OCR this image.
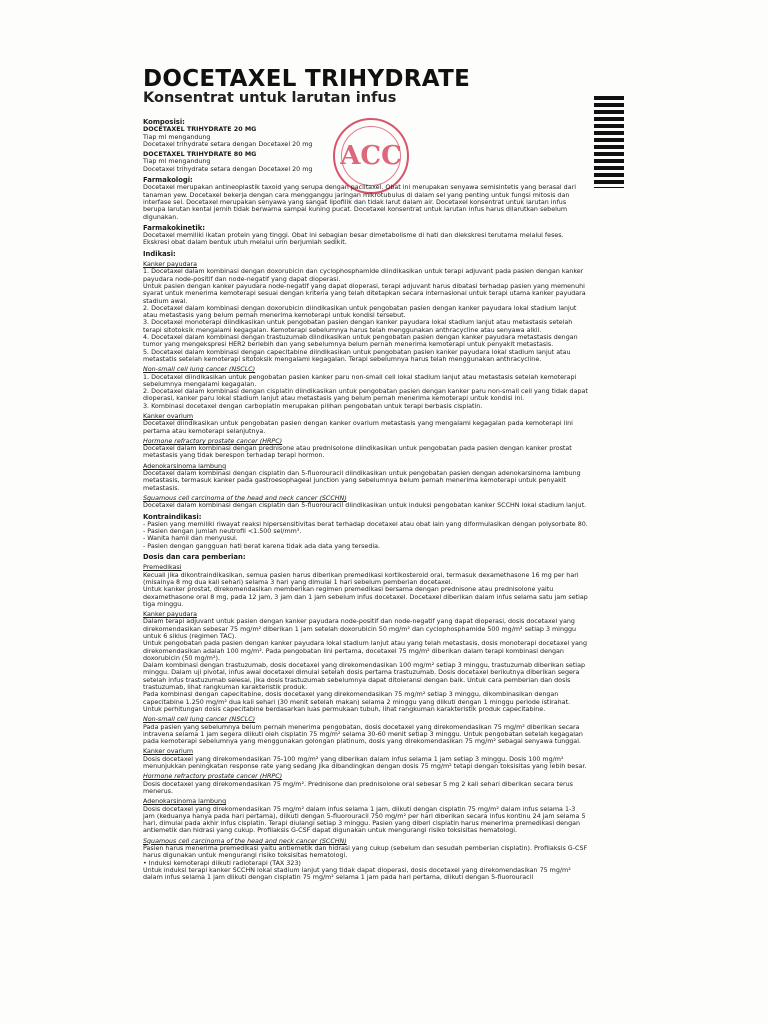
DOCETAXEL TRIHYDRATE
Konsentrat untuk larutan infus
ACC

Komposisi:

DOCETAXEL TRIHYDRATE 20 MG

Tiap ml mengandung

Docetaxel trihydrate setara dengan Docetaxel 20 mg

DOCETAXEL TRIHYDRATE 80 MG

Tiap ml mengandung

Docetaxel trihydrate setara dengan Docetaxel 20 mg

Farmakologi:

Docetaxel merupakan antineoplastik taxoid yang serupa dengan paclitaxel. Obat ini merupakan senyawa semisintetis yang berasal dari tanaman yew. Docetaxel bekerja dengan cara mengganggu jaringan mikrotubulus di dalam sel yang penting untuk fungsi mitosis dan interfase sel. Docetaxel merupakan senyawa yang sangat lipofilik dan tidak larut dalam air. Docetaxel konsentrat untuk larutan infus berupa larutan kental jernih tidak berwarna sampai kuning pucat. Docetaxel konsentrat untuk larutan infus harus dilarutkan sebelum digunakan.

Farmakokinetik:

Docetaxel memiliki ikatan protein yang tinggi. Obat ini sebagian besar dimetabolisme di hati dan diekskresi terutama melalui feses. Ekskresi obat dalam bentuk utuh melalui urin berjumlah sedikit.

Indikasi:

Kanker payudara

1. Docetaxel dalam kombinasi dengan doxorubicin dan cyclophosphamide diindikasikan untuk terapi adjuvant pada pasien dengan kanker payudara node-positif dan node-negatif yang dapat dioperasi.

Untuk pasien dengan kanker payudara node-negatif yang dapat dioperasi, terapi adjuvant harus dibatasi terhadap pasien yang memenuhi syarat untuk menerima kemoterapi sesuai dengan kriteria yang telah ditetapkan secara internasional untuk terapi utama kanker payudara stadium awal.

2. Docetaxel dalam kombinasi dengan doxorubicin diindikasikan untuk pengobatan pasien dengan kanker payudara lokal stadium lanjut atau metastasis yang belum pernah menerima kemoterapi untuk kondisi tersebut.

3. Docetaxel monoterapi diindikasikan untuk pengobatan pasien dengan kanker payudara lokal stadium lanjut atau metastasis setelah terapi sitotoksik mengalami kegagalan. Kemoterapi sebelumnya harus telah menggunakan anthracycline atau senyawa alkil.

4. Docetaxel dalam kombinasi dengan trastuzumab diindikasikan untuk pengobatan pasien dengan kanker payudara metastasis dengan tumor yang mengekspresi HER2 berlebih dan yang sebelumnya belum pernah menerima kemoterapi untuk penyakit metastasis.

5. Docetaxel dalam kombinasi dengan capecitabine diindikasikan untuk pengobatan pasien kanker payudara lokal stadium lanjut atau metastatis setelah kemoterapi sitotoksik mengalami kegagalan. Terapi sebelumnya harus telah menggunakan anthracycline.

Non-small cell lung cancer (NSCLC)

1. Docetaxel diindikasikan untuk pengobatan pasien kanker paru non-small cell lokal stadium lanjut atau metastasis setelah kemoterapi sebelumnya mengalami kegagalan.

2. Docetaxel dalam kombinasi dengan cisplatin diindikasikan untuk pengobatan pasien dengan kanker paru non-small cell yang tidak dapat dioperasi, kanker paru lokal stadium lanjut atau metastasis yang belum pernah menerima kemoterapi untuk kondisi ini.

3. Kombinasi docetaxel dengan carboplatin merupakan pilihan pengobatan untuk terapi berbasis cisplatin.

Kanker ovarium

Docetaxel diindikasikan untuk pengobatan pasien dengan kanker ovarium metastasis yang mengalami kegagalan pada kemoterapi lini pertama atau kemoterapi selanjutnya.

Hormone refractory prostate cancer (HRPC)

Docetaxel dalam kombinasi dengan prednisone atau prednisolone diindikasikan untuk pengobatan pada pasien dengan kanker prostat metastasis yang tidak berespon terhadap terapi hormon.

Adenokarsinoma lambung

Docetaxel dalam kombinasi dengan cisplatin dan 5-fluorouracil diindikasikan untuk pengobatan pasien dengan adenokarsinoma lambung metastasis, termasuk kanker pada gastroesophageal junction yang sebelumnya belum pernah menerima kemoterapi untuk penyakit metastasis.

Squamous cell carcinoma of the head and neck cancer (SCCHN)

Docetaxel dalam kombinasi dengan cisplatin dan 5-fluorouracil diindikasikan untuk induksi pengobatan kanker SCCHN lokal stadium lanjut.

Kontraindikasi:

- Pasien yang memiliki riwayat reaksi hipersensitivitas berat terhadap docetaxel atau obat lain yang diformulasikan dengan polysorbate 80.

- Pasien dengan jumlah neutrofil <1.500 sel/mm³.

- Wanita hamil dan menyusui.

- Pasien dengan gangguan hati berat karena tidak ada data yang tersedia.

Dosis dan cara pemberian:

Premedikasi

Kecuali jika dikontraindikasikan, semua pasien harus diberikan premedikasi kortikosteroid oral, termasuk dexamethasone 16 mg per hari (misalnya 8 mg dua kali sehari) selama 3 hari yang dimulai 1 hari sebelum pemberian docetaxel.

Untuk kanker prostat, direkomendasikan memberikan regimen premedikasi bersama dengan prednisone atau prednisolone yaitu dexamethasone oral 8 mg, pada 12 jam, 3 jam dan 1 jam sebelum infus docetaxel. Docetaxel diberikan dalam infus selama satu jam setiap tiga minggu.

Kanker payudara

Dalam terapi adjuvant untuk pasien dengan kanker payudara node-positif dan node-negatif yang dapat dioperasi, dosis docetaxel yang direkomendasikan sebesar 75 mg/m² diberikan 1 jam setelah doxorubicin 50 mg/m² dan cyclophosphamide 500 mg/m² setiap 3 minggu untuk 6 siklus (regimen TAC).

Untuk pengobatan pada pasien dengan kanker payudara lokal stadium lanjut atau yang telah metastasis, dosis monoterapi docetaxel yang direkomendasikan adalah 100 mg/m². Pada pengobatan lini pertama, docetaxel 75 mg/m² diberikan dalam terapi kombinasi dengan doxorubicin (50 mg/m²).

Dalam kombinasi dengan trastuzumab, dosis docetaxel yang direkomendasikan 100 mg/m² setiap 3 minggu, trastuzumab diberikan setiap minggu. Dalam uji pivotal, infus awal docetaxel dimulai setelah dosis pertama trastuzumab. Dosis docetaxel berikutnya diberikan segera setelah infus trastuzumab selesai, jika dosis trastuzumab sebelumnya dapat ditoleransi dengan baik. Untuk cara pemberian dan dosis trastuzumab, lihat rangkuman karakteristik produk.

Pada kombinasi dengan capecitabine, dosis docetaxel yang direkomendasikan 75 mg/m² setiap 3 minggu, dikombinasikan dengan capecitabine 1.250 mg/m² dua kali sehari (30 menit setelah makan) selama 2 minggu yang diikuti dengan 1 minggu periode istirahat. Untuk perhitungan dosis capecitabine berdasarkan luas permukaan tubuh, lihat rangkuman karakteristik produk capecitabine.

Non-small cell lung cancer (NSCLC)

Pada pasien yang sebelumnya belum pernah menerima pengobatan, dosis docetaxel yang direkomendasikan 75 mg/m² diberikan secara intravena selama 1 jam segera diikuti oleh cisplatin 75 mg/m² selama 30-60 menit setiap 3 minggu. Untuk pengobatan setelah kegagalan pada kemoterapi sebelumnya yang menggunakan golongan platinum, dosis yang direkomendasikan 75 mg/m² sebagai senyawa tunggal.

Kanker ovarium

Dosis docetaxel yang direkomendasikan 75-100 mg/m² yang diberikan dalam infus selama 1 jam setiap 3 minggu. Dosis 100 mg/m² menunjukkan peningkatan response rate yang sedang jika dibandingkan dengan dosis 75 mg/m² tetapi dengan toksisitas yang lebih besar.

Hormone refractory prostate cancer (HRPC)

Dosis docetaxel yang direkomendasikan 75 mg/m². Prednisone dan prednisolone oral sebesar 5 mg 2 kali sehari diberikan secara terus menerus.

Adenokarsinoma lambung

Dosis docetaxel yang direkomendasikan 75 mg/m² dalam infus selama 1 jam, diikuti dengan cisplatin 75 mg/m² dalam infus selama 1-3 jam (keduanya hanya pada hari pertama), diikuti dengan 5-fluorouracil 750 mg/m² per hari diberikan secara infus kontinu 24 jam selama 5 hari, dimulai pada akhir infus cisplatin. Terapi diulangi setiap 3 minggu. Pasien yang diberi cisplatin harus menerima premedikasi dengan antiemetik dan hidrasi yang cukup. Profilaksis G-CSF dapat digunakan untuk mengurangi risiko toksisitas hematologi.

Squamous cell carcinoma of the head and neck cancer (SCCHN)

Pasien harus menerima premedikasi yaitu antiemetik dan hidrasi yang cukup (sebelum dan sesudah pemberian cisplatin). Profilaksis G-CSF harus digunakan untuk mengurangi risiko toksisitas hematologi.

• Induksi kemoterapi diikuti radioterapi (TAX 323)

Untuk induksi terapi kanker SCCHN lokal stadium lanjut yang tidak dapat dioperasi, dosis docetaxel yang direkomendasikan 75 mg/m² dalam infus selama 1 jam diikuti dengan cisplatin 75 mg/m² selama 1 jam pada hari pertama, diikuti dengan 5-fluorouracil
